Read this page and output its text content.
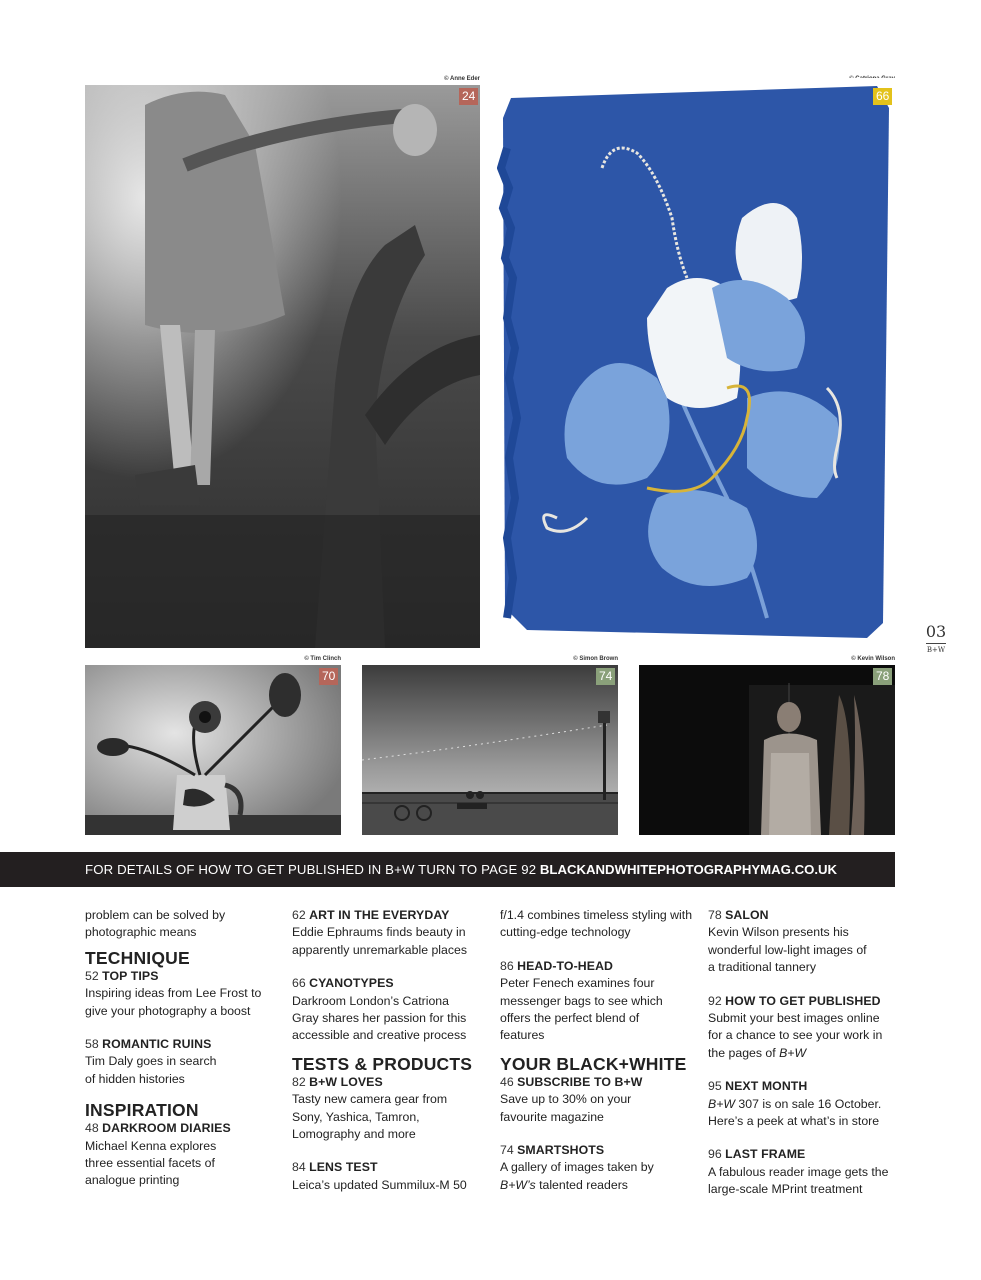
© Anne Eder
24	66
03
B+W
© Tim Clinch
70
© Simon Brown
74
© Kevin Wilson
78
FOR DETAILS OF HOW TO GET PUBLISHED IN B+W TURN TO PAGE 92 BLACKANDWHITEPHOTOGRAPHYMAG.CO.UK
problem can be solved by photographic means
TECHNIQUE
52 TOP TIPS
Inspiring ideas from Lee Frost to give your photography a boost
58 ROMANTIC RUINS
Tim Daly goes in search of hidden histories
INSPIRATION
48 DARKROOM DIARIES
Michael Kenna explores three essential facets of analogue printing
62 ART IN THE EVERYDAY
Eddie Ephraums finds beauty in apparently unremarkable places
66 CYANOTYPES
Darkroom London’s Catriona Gray shares her passion for this accessible and creative process
TESTS & PRODUCTS
82 B+W LOVES
Tasty new camera gear from Sony, Yashica, Tamron, Lomography and more
84 LENS TEST
Leica’s updated Summilux-M 50
f/1.4 combines timeless styling with cutting-edge technology
86 HEAD-TO-HEAD
Peter Fenech examines four messenger bags to see which offers the perfect blend of features
YOUR BLACK+WHITE
46 SUBSCRIBE TO B+W
Save up to 30% on your favourite magazine
74 SMARTSHOTS
A gallery of images taken by B+W’s talented readers
78 SALON
Kevin Wilson presents his wonderful low-light images of a traditional tannery
92 HOW TO GET PUBLISHED
Submit your best images online for a chance to see your work in the pages of B+W
95 NEXT MONTH
B+W 307 is on sale 16 October. Here’s a peek at what’s in store
96 LAST FRAME
A fabulous reader image gets the large-scale MPrint treatment
